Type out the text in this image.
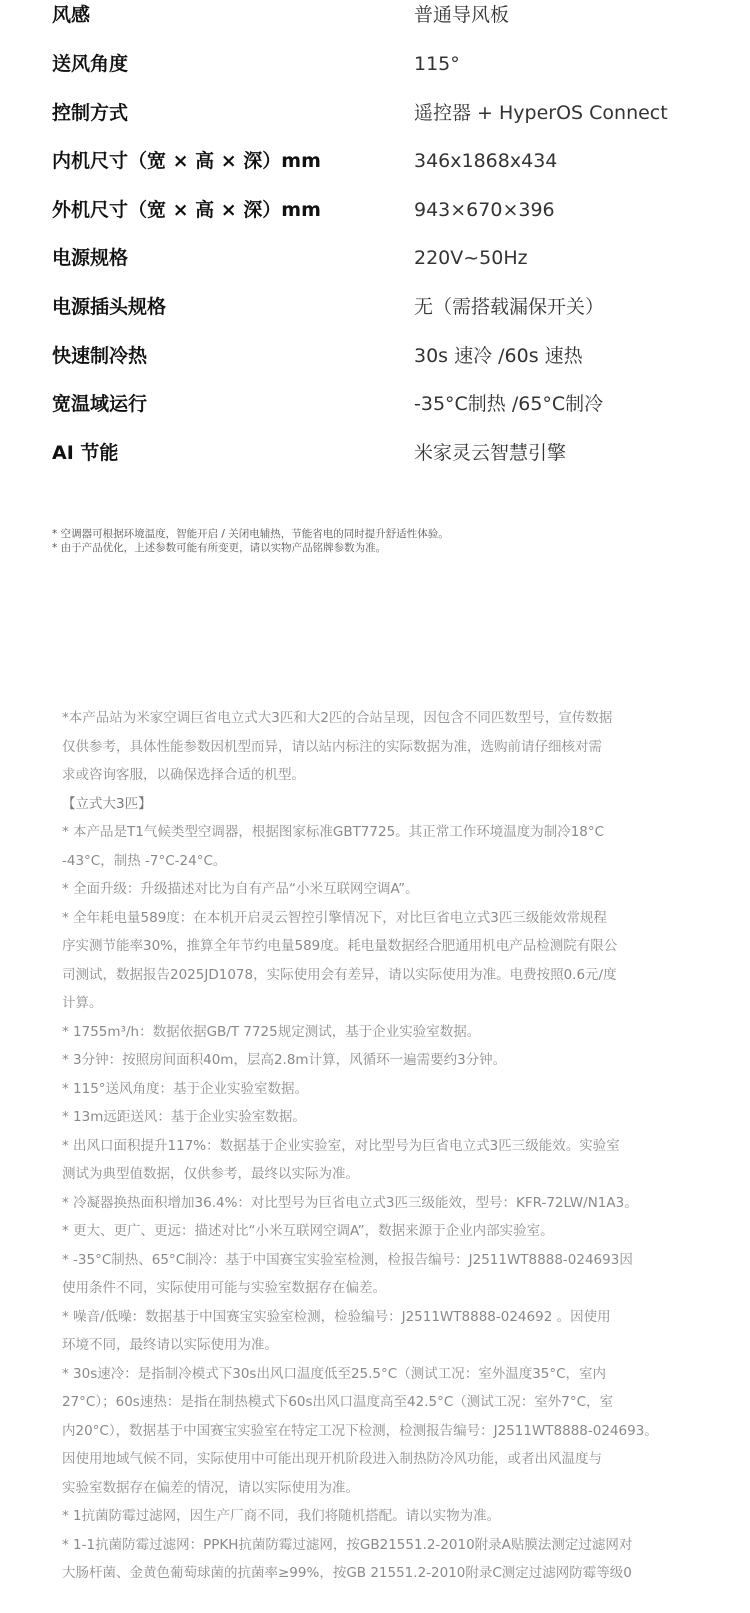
风感	普通导风板
送风角度	115°
控制方式	遥控器 + HyperOS Connect
内机尺寸（宽 × 高 × 深）mm	346x1868x434
外机尺寸（宽 × 高 × 深）mm	943×670×396
电源规格	220V~50Hz
电源插头规格	无（需搭载漏保开关）
快速制冷热	30s 速冷 /60s 速热
宽温域运行	-35°C制热 /65°C制冷
AI 节能	米家灵云智慧引擎
* 空调器可根据环境温度，智能开启 / 关闭电辅热，节能省电的同时提升舒适性体验。
* 由于产品优化，上述参数可能有所变更，请以实物产品铭牌参数为准。
*本产品站为米家空调巨省电立式大3匹和大2匹的合站呈现，因包含不同匹数型号，宣传数据
仅供参考，具体性能参数因机型而异，请以站内标注的实际数据为准，选购前请仔细核对需
求或咨询客服，以确保选择合适的机型。
【立式大3匹】
* 本产品是T1气候类型空调器，根据图家标准GBT7725。其正常工作环境温度为制冷18°C
-43°C，制热 -7°C-24°C。
* 全面升级：升级描述对比为自有产品“小米互联网空调A”。
* 全年耗电量589度：在本机开启灵云智控引擎情况下，对比巨省电立式3匹三级能效常规程
序实测节能率30%，推算全年节约电量589度。耗电量数据经合肥通用机电产品检测院有限公
司测试，数据报告2025JD1078，实际使用会有差异，请以实际使用为准。电费按照0.6元/度
计算。
* 1755m³/h：数据依据GB/T 7725规定测试，基于企业实验室数据。
* 3分钟：按照房间面积40m，层高2.8m计算，风循环一遍需要约3分钟。
* 115°送风角度：基于企业实验室数据。
* 13m远距送风：基于企业实验室数据。
* 出风口面积提升117%：数据基于企业实验室，对比型号为巨省电立式3匹三级能效。实验室
测试为典型值数据，仅供参考，最终以实际为准。
* 冷凝器换热面积增加36.4%：对比型号为巨省电立式3匹三级能效，型号：KFR-72LW/N1A3。
* 更大、更广、更远：描述对比“小米互联网空调A”，数据来源于企业内部实验室。
* -35°C制热、65°C制冷：基于中国赛宝实验室检测，检报告编号：J2511WT8888-024693因
使用条件不同，实际使用可能与实验室数据存在偏差。
* 噪音/低噪：数据基于中国赛宝实验室检测，检验编号：J2511WT8888-024692 。因使用
环境不同，最终请以实际使用为准。
* 30s速冷：是指制冷模式下30s出风口温度低至25.5°C（测试工况：室外温度35°C，室内
27°C）；60s速热：是指在制热模式下60s出风口温度高至42.5°C（测试工况：室外7°C，室
内20°C），数据基于中国赛宝实验室在特定工况下检测，检测报告编号：J2511WT8888-024693。
因使用地域气候不同，实际使用中可能出现开机阶段进入制热防冷风功能，或者出风温度与
实验室数据存在偏差的情况，请以实际使用为准。
* 1抗菌防霉过滤网，因生产厂商不同，我们将随机搭配。请以实物为准。
* 1-1抗菌防霉过滤网：PPKH抗菌防霉过滤网，按GB21551.2-2010附录A贴膜法测定过滤网对
大肠杆菌、金黄色葡萄球菌的抗菌率≥99%，按GB 21551.2-2010附录C测定过滤网防霉等级0
